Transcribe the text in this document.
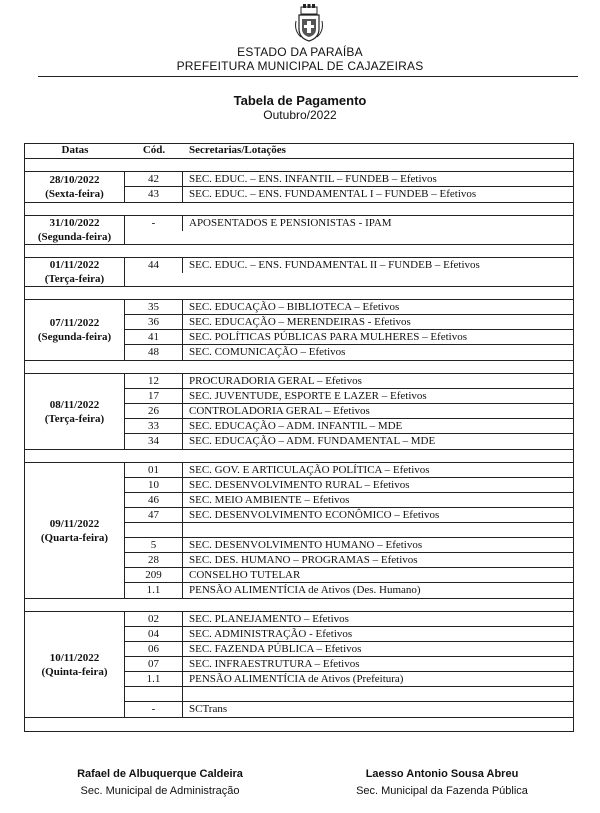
ESTADO DA PARAÍBA
PREFEITURA MUNICIPAL DE CAJAZEIRAS
Tabela de Pagamento
Outubro/2022
Datas	Cód.	Secretarias/Lotações
28/10/2022
(Sexta-feira)
42	SEC. EDUC. – ENS. INFANTIL – FUNDEB – Efetivos
43	SEC. EDUC. – ENS. FUNDAMENTAL I – FUNDEB – Efetivos
31/10/2022
(Segunda-feira)
-	APOSENTADOS E PENSIONISTAS - IPAM
01/11/2022
(Terça-feira)
44	SEC. EDUC. – ENS. FUNDAMENTAL II – FUNDEB – Efetivos
07/11/2022
(Segunda-feira)
35	SEC. EDUCAÇÃO – BIBLIOTECA – Efetivos
36	SEC. EDUCAÇÃO – MERENDEIRAS - Efetivos
41	SEC. POLÍTICAS PÚBLICAS PARA MULHERES – Efetivos
48	SEC. COMUNICAÇÃO – Efetivos
08/11/2022
(Terça-feira)
12	PROCURADORIA GERAL – Efetivos
17	SEC. JUVENTUDE, ESPORTE E LAZER – Efetivos
26	CONTROLADORIA GERAL – Efetivos
33	SEC. EDUCAÇÃO – ADM. INFANTIL – MDE
34	SEC. EDUCAÇÃO – ADM. FUNDAMENTAL – MDE
09/11/2022
(Quarta-feira)
01	SEC. GOV. E ARTICULAÇÃO POLÍTICA – Efetivos
10	SEC. DESENVOLVIMENTO RURAL – Efetivos
46	SEC. MEIO AMBIENTE – Efetivos
47	SEC. DESENVOLVIMENTO ECONÔMICO – Efetivos
5	SEC. DESENVOLVIMENTO HUMANO – Efetivos
28	SEC. DES. HUMANO – PROGRAMAS – Efetivos
209	CONSELHO TUTELAR
1.1	PENSÃO ALIMENTÍCIA de Ativos (Des. Humano)
10/11/2022
(Quinta-feira)
02	SEC. PLANEJAMENTO – Efetivos
04	SEC. ADMINISTRAÇÃO - Efetivos
06	SEC. FAZENDA PÚBLICA – Efetivos
07	SEC. INFRAESTRUTURA – Efetivos
1.1	PENSÃO ALIMENTÍCIA de Ativos (Prefeitura)
-	SCTrans
Rafael de Albuquerque Caldeira
Sec. Municipal de Administração
Laesso Antonio Sousa Abreu
Sec. Municipal da Fazenda Pública
